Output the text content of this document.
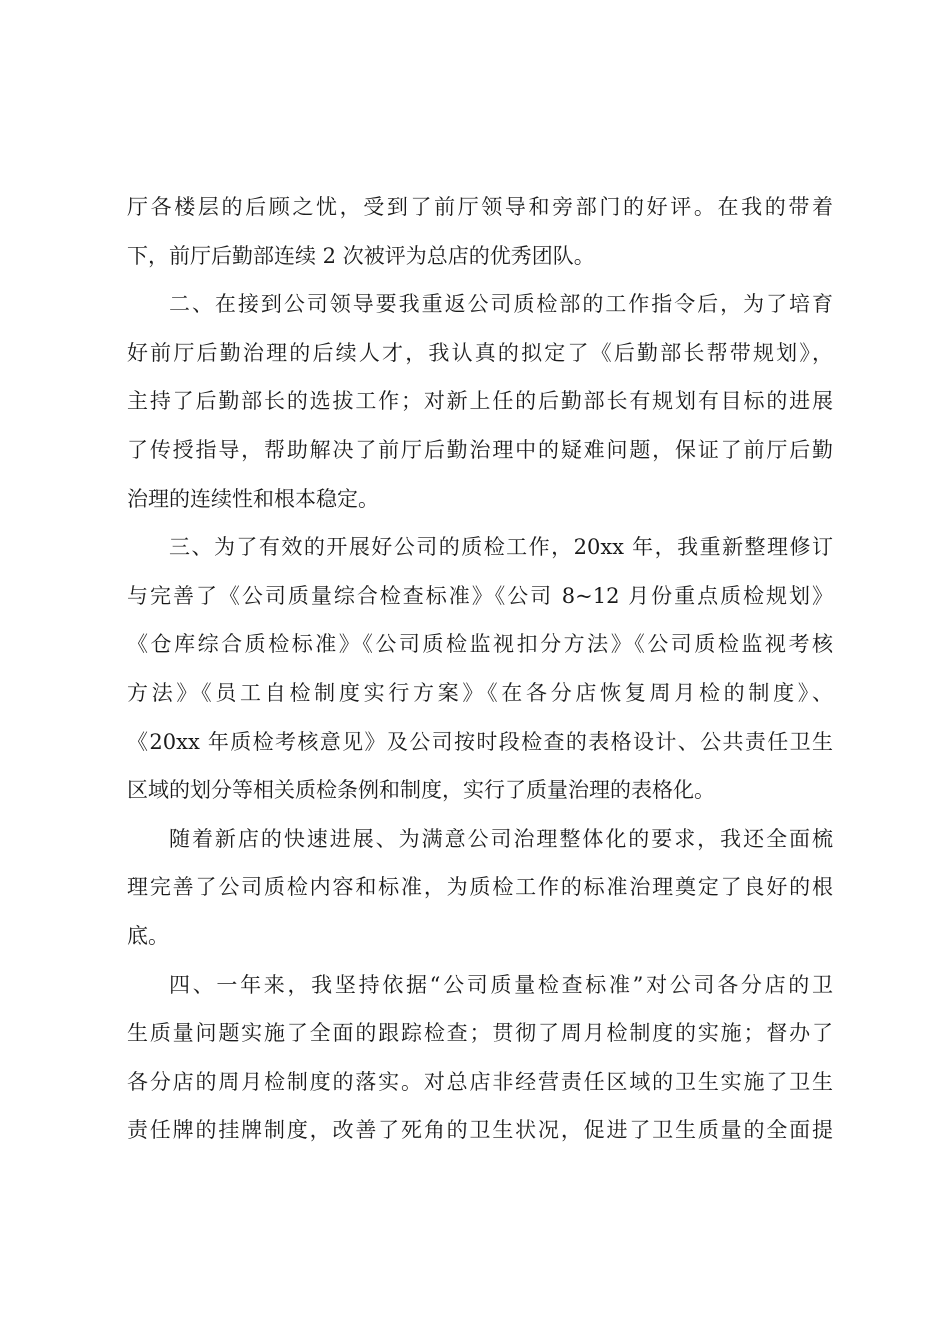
厅各楼层的后顾之忧，受到了前厅领导和旁部门的好评。在我的带着
下，前厅后勤部连续 2 次被评为总店的优秀团队。
二、在接到公司领导要我重返公司质检部的工作指令后，为了培育
好前厅后勤治理的后续人才，我认真的拟定了《后勤部长帮带规划》，
主持了后勤部长的选拔工作；对新上任的后勤部长有规划有目标的进展
了传授指导，帮助解决了前厅后勤治理中的疑难问题，保证了前厅后勤
治理的连续性和根本稳定。
三、为了有效的开展好公司的质检工作，20xx 年，我重新整理修订
与完善了《公司质量综合检查标准》《公司 8~12 月份重点质检规划》
《仓库综合质检标准》《公司质检监视扣分方法》《公司质检监视考核
方法》《员工自检制度实行方案》《在各分店恢复周月检的制度》、
《20xx 年质检考核意见》及公司按时段检查的表格设计、公共责任卫生
区域的划分等相关质检条例和制度，实行了质量治理的表格化。
随着新店的快速进展、为满意公司治理整体化的要求，我还全面梳
理完善了公司质检内容和标准，为质检工作的标准治理奠定了良好的根
底。
四、一年来，我坚持依据“公司质量检查标准”对公司各分店的卫
生质量问题实施了全面的跟踪检查；贯彻了周月检制度的实施；督办了
各分店的周月检制度的落实。对总店非经营责任区域的卫生实施了卫生
责任牌的挂牌制度，改善了死角的卫生状况，促进了卫生质量的全面提
